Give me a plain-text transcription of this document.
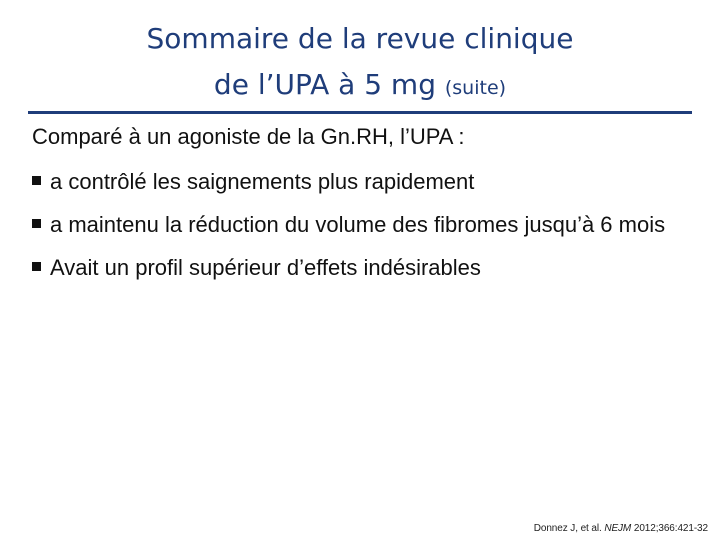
Sommaire de la revue clinique
de l’UPA à 5 mg (suite)
Comparé à un agoniste de la Gn.RH, l’UPA :
a contrôlé les saignements plus rapidement
a maintenu la réduction du volume des fibromes jusqu’à 6 mois
Avait un profil supérieur d’effets indésirables
Donnez J, et al. NEJM 2012;366:421-32
